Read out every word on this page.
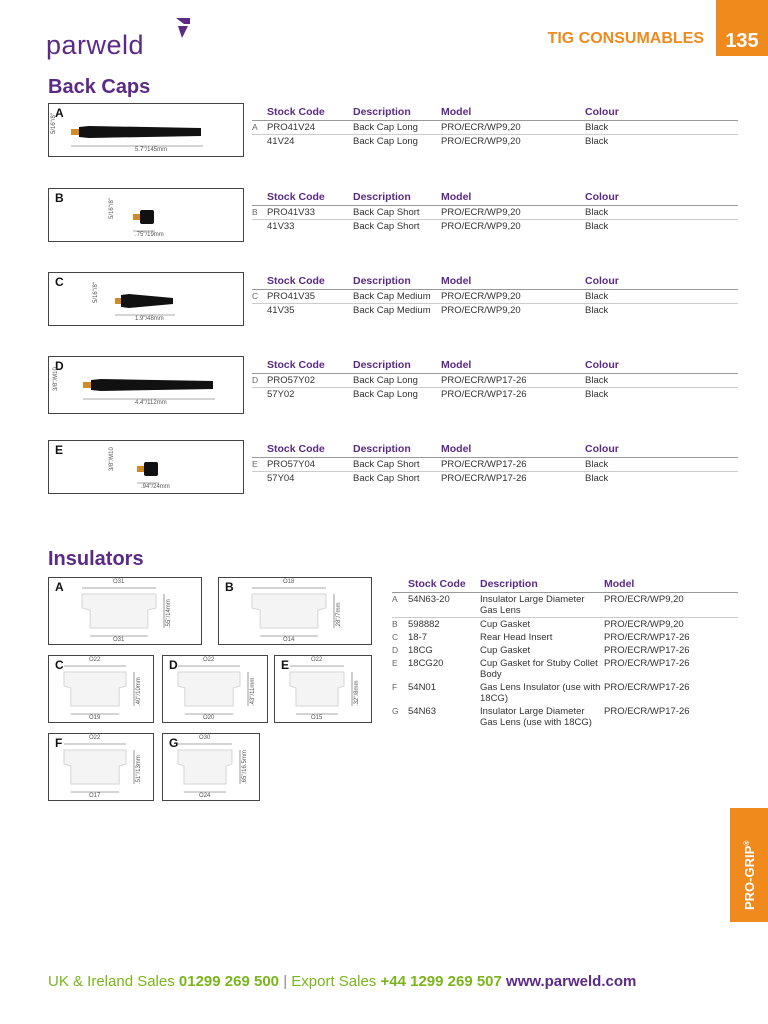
parweld	TIG CONSUMABLES	135
Back Caps
A
5/16"/8"
5.7"/145mm
	Stock Code	Description	Model	Colour
A	PRO41V24	Back Cap Long	PRO/ECR/WP9,20	Black
	41V24	Back Cap Long	PRO/ECR/WP9,20	Black
B
5/16"/8"
.75"/19mm
	Stock Code	Description	Model	Colour
B	PRO41V33	Back Cap Short	PRO/ECR/WP9,20	Black
	41V33	Back Cap Short	PRO/ECR/WP9,20	Black
C
5/16"/8"
1.9"/48mm
	Stock Code	Description	Model	Colour
C	PRO41V35	Back Cap Medium	PRO/ECR/WP9,20	Black
	41V35	Back Cap Medium	PRO/ECR/WP9,20	Black
D
3/8"/M10
4.4"/112mm
	Stock Code	Description	Model	Colour
D	PRO57Y02	Back Cap Long	PRO/ECR/WP17-26	Black
	57Y02	Back Cap Long	PRO/ECR/WP17-26	Black
E	3/8"/M10
.94"/24mm
	Stock Code	Description	Model	Colour
E	PRO57Y04	Back Cap Short	PRO/ECR/WP17-26	Black
	57Y04	Back Cap Short	PRO/ECR/WP17-26	Black
Insulators
A	O31
O31
.55"/14mm
B	O18
O14
.28"/7mm
C	O22
O19
.40"/10mm
D	O22
O20
.43"/11mm
E	O22
O15
.32"/8mm
F	O22
O17
.51"/13mm
G	O30
O24
.65"/16.5mm
	Stock Code	Description	Model
A	54N63-20	Insulator Large Diameter Gas Lens	PRO/ECR/WP9,20
B	598882	Cup Gasket	PRO/ECR/WP9,20
C	18-7	Rear Head Insert	PRO/ECR/WP17-26
D	18CG	Cup Gasket	PRO/ECR/WP17-26
E	18CG20	Cup Gasket for Stuby Collet Body	PRO/ECR/WP17-26
F	54N01	Gas Lens Insulator (use with 18CG)	PRO/ECR/WP17-26
G	54N63	Insulator Large Diameter Gas Lens (use with 18CG)	PRO/ECR/WP17-26
PRO-GRIP®
UK & Ireland Sales 01299 269 500 | Export Sales +44 1299 269 507 www.parweld.com
